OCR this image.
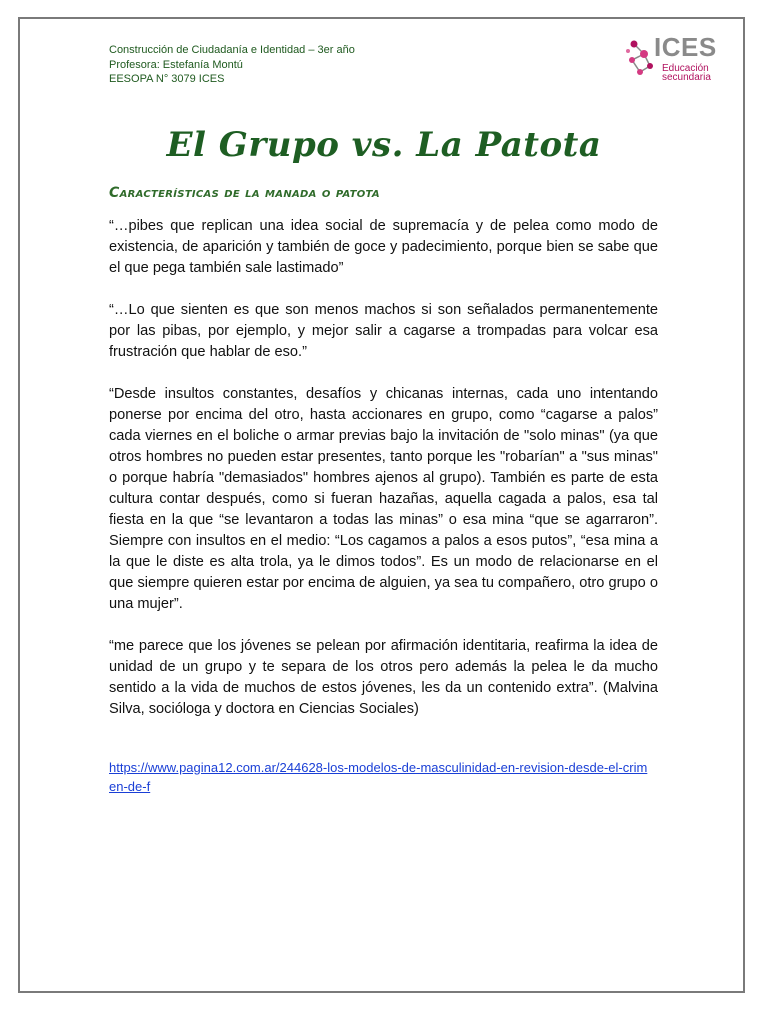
Construcción de Ciudadanía e Identidad – 3er año
Profesora: Estefanía Montú
EESOPA N° 3079 ICES
ICES
Educación
secundaria
El Grupo vs. La Patota
Características de la manada o patota

“…pibes que replican una idea social de supremacía y de pelea como modo de existencia, de aparición y también de goce y padecimiento, porque bien se sabe que el que pega también sale lastimado”

“…Lo que sienten es que son menos machos si son señalados permanentemente por las pibas, por ejemplo, y mejor salir a cagarse a trompadas para volcar esa frustración que hablar de eso.”

“Desde insultos constantes, desafíos y chicanas internas, cada uno intentando ponerse por encima del otro, hasta accionares en grupo, como “cagarse a palos” cada viernes en el boliche o armar previas bajo la invitación de "solo minas" (ya que otros hombres no pueden estar presentes, tanto porque les "robarían" a "sus minas" o porque habría "demasiados" hombres ajenos al grupo). También es parte de esta cultura contar después, como si fueran hazañas, aquella cagada a palos, esa tal fiesta en la que “se levantaron a todas las minas” o esa mina “que se agarraron”. Siempre con insultos en el medio: “Los cagamos a palos a esos putos”, “esa mina a la que le diste es alta trola, ya le dimos todos”. Es un modo de relacionarse en el que siempre quieren estar por encima de alguien, ya sea tu compañero, otro grupo o una mujer”.

“me parece que los jóvenes se pelean por afirmación identitaria, reafirma la idea de unidad de un grupo y te separa de los otros pero además la pelea le da mucho sentido a la vida de muchos de estos jóvenes, les da un contenido extra”. (Malvina Silva, socióloga y doctora en Ciencias Sociales)

https://www.pagina12.com.ar/244628-los-modelos-de-masculinidad-en-revision-desde-el-crimen-de-f
